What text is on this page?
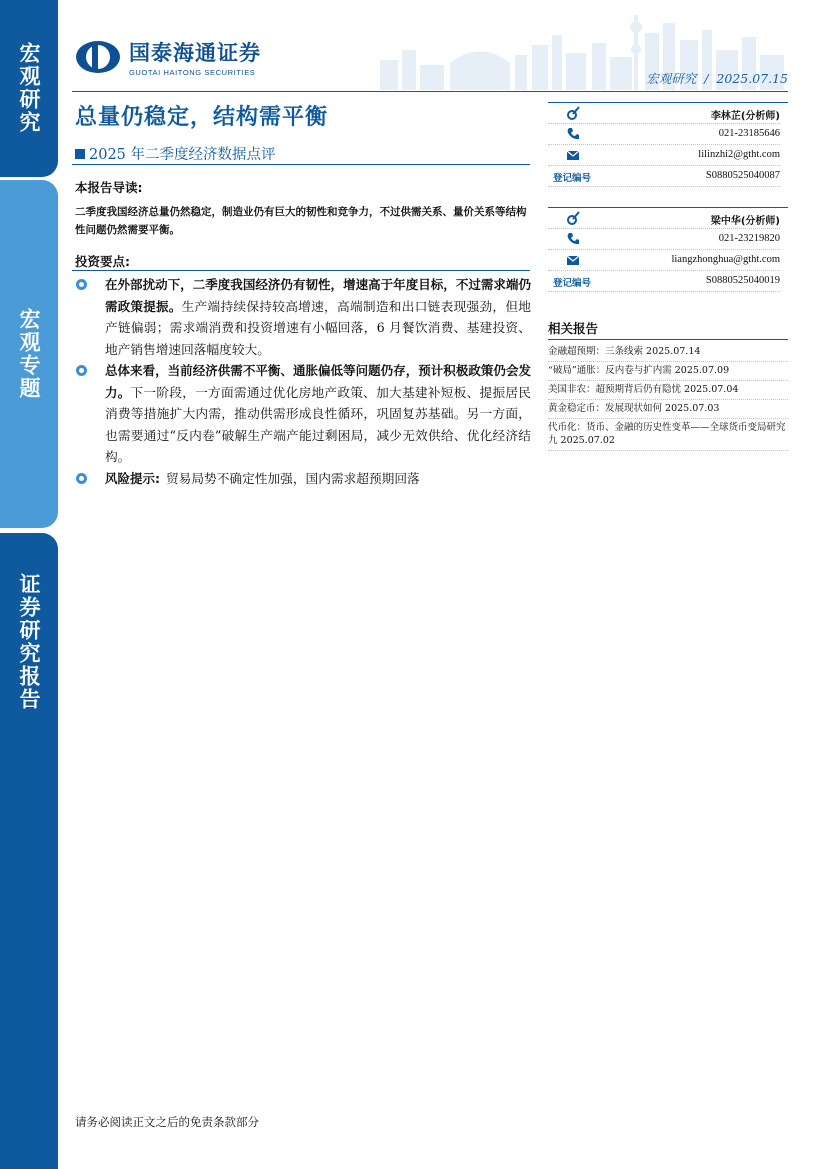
宏观研究
宏观专题
证券研究报告
国泰海通证券
GUOTAI HAITONG SECURITIES	宏观研究 / 2025.07.15
总量仍稳定，结构需平衡
2025 年二季度经济数据点评
本报告导读:
二季度我国经济总量仍然稳定，制造业仍有巨大的韧性和竞争力，不过供需关系、量价关系等结构性问题仍然需要平衡。
投资要点:
在外部扰动下，二季度我国经济仍有韧性，增速高于年度目标，不过需求端仍需政策提振。生产端持续保持较高增速，高端制造和出口链表现强劲，但地产链偏弱；需求端消费和投资增速有小幅回落，6 月餐饮消费、基建投资、地产销售增速回落幅度较大。
总体来看，当前经济供需不平衡、通胀偏低等问题仍存，预计积极政策仍会发力。下一阶段，一方面需通过优化房地产政策、加大基建补短板、提振居民消费等措施扩大内需，推动供需形成良性循环，巩固复苏基础。另一方面，也需要通过“反内卷”破解生产端产能过剩困局，减少无效供给、优化经济结构。
风险提示: 贸易局势不确定性加强，国内需求超预期回落
李林芷(分析师)
021-23185646
lilinzhi2@gtht.com
登记编号	S0880525040087
梁中华(分析师)
021-23219820
liangzhonghua@gtht.com
登记编号	S0880525040019
相关报告
金融超预期：三条线索 2025.07.14
“破局”通胀：反内卷与扩内需 2025.07.09
美国非农：超预期背后仍有隐忧 2025.07.04
黄金稳定币：发展现状如何 2025.07.03
代币化：货币、金融的历史性变革——全球货币变局研究九 2025.07.02
请务必阅读正文之后的免责条款部分
